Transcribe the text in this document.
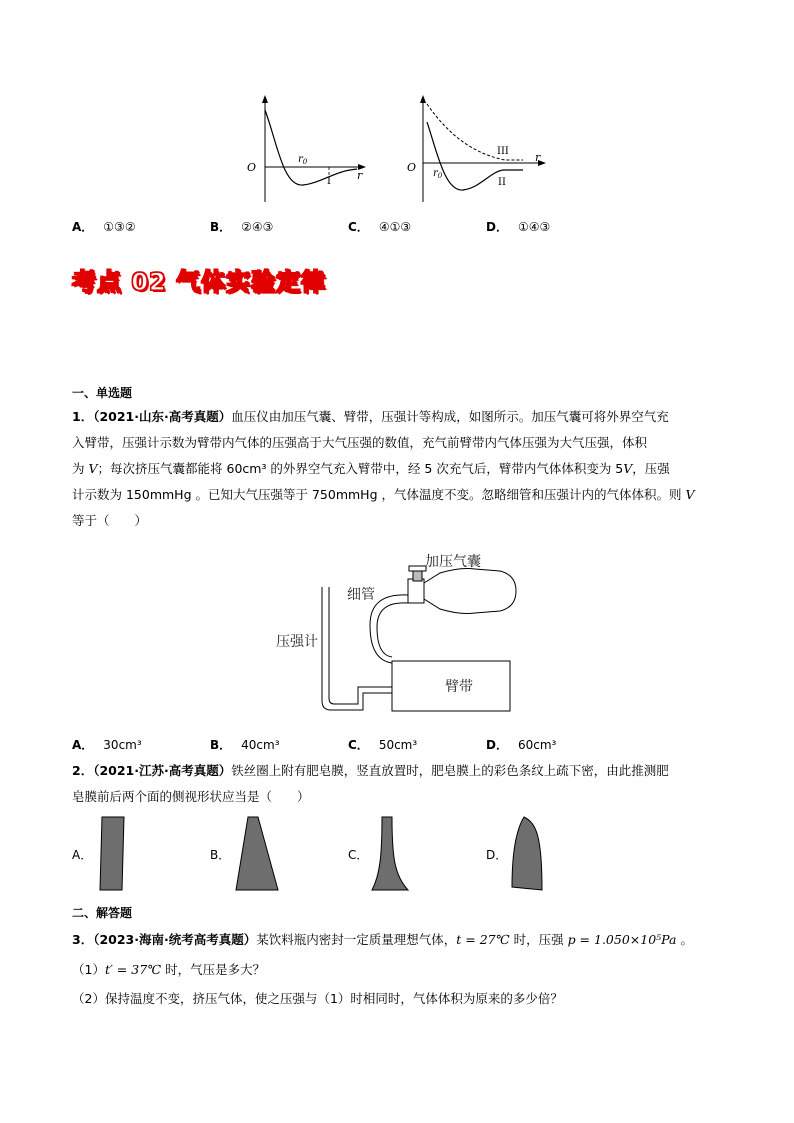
O
r
$r_0$
I
O
r
$r_0$
III
II
A． ①③②	B． ②④③	C． ④①③	D． ①④③
考点 02 气体实验定律
一、单选题
1．（2021·山东·高考真题）血压仪由加压气囊、臂带，压强计等构成，如图所示。加压气囊可将外界空气充
入臂带，压强计示数为臂带内气体的压强高于大气压强的数值，充气前臂带内气体压强为大气压强，体积
为 V；每次挤压气囊都能将 60cm³ 的外界空气充入臂带中，经 5 次充气后，臂带内气体体积变为 5V，压强
计示数为 150mmHg 。已知大气压强等于 750mmHg ，气体温度不变。忽略细管和压强计内的气体体积。则 V
等于（　　）
加压气囊
细管
压强计
臂带
A． 30cm³	B． 40cm³	C． 50cm³	D． 60cm³
2．（2021·江苏·高考真题）铁丝圈上附有肥皂膜，竖直放置时，肥皂膜上的彩色条纹上疏下密，由此推测肥
皂膜前后两个面的侧视形状应当是（　　）
A．	B．	C．	D．
二、解答题
3．（2023·海南·统考高考真题）某饮料瓶内密封一定质量理想气体，t = 27℃ 时，压强 p = 1.050×10⁵Pa 。
（1）t′ = 37℃ 时，气压是多大？
（2）保持温度不变，挤压气体，使之压强与（1）时相同时，气体体积为原来的多少倍？
